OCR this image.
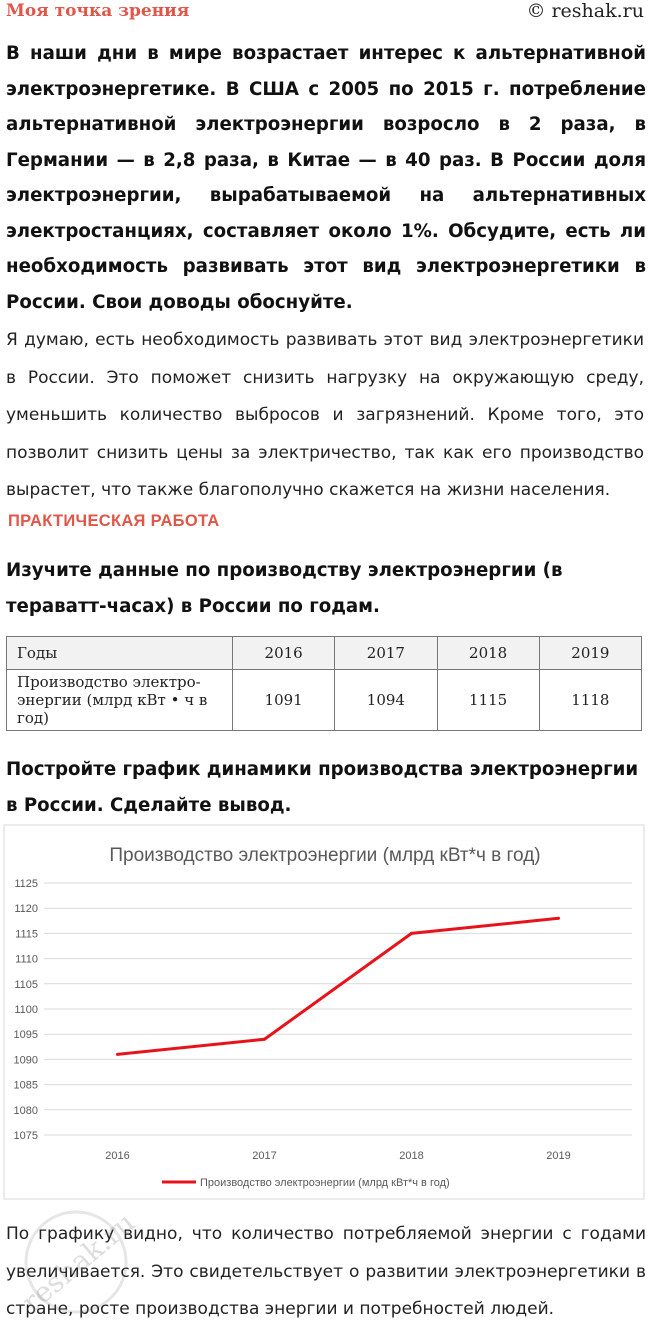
Моя точка зрения	© reshak.ru
В наши дни в мире возрастает интерес к альтернативной электроэнергетике. В США с 2005 по 2015 г. потребление альтернативной электроэнергии возросло в 2 раза, в Германии — в 2,8 раза, в Китае — в 40 раз. В России доля электроэнергии, вырабатываемой на альтернативных электростанциях, составляет около 1%. Обсудите, есть ли необходимость развивать этот вид электроэнергетики в России. Свои доводы обоснуйте.
Я думаю, есть необходимость развивать этот вид электроэнергетики в России. Это поможет снизить нагрузку на окружающую среду, уменьшить количество выбросов и загрязнений. Кроме того, это позволит снизить цены за электричество, так как его производство вырастет, что также благополучно скажется на жизни населения.
ПРАКТИЧЕСКАЯ РАБОТА
Изучите данные по производству электроэнергии (в тераватт-часах) в России по годам.
Годы	2016	2017	2018	2019
Производство электро-энергии (млрд кВт • ч в год)	1091	1094	1115	1118
Постройте график динамики производства электроэнергии в России. Сделайте вывод.
Производство электроэнергии (млрд кВт*ч в год)
1075
1080
1085
1090
1095
1100
1105
1110
1115
1120
1125
2016	2017	2018	2019
Производство электроэнергии (млрд кВт*ч в год)
По графику видно, что количество потребляемой энергии с годами увеличивается. Это свидетельствует о развитии электроэнергетики в стране, росте производства энергии и потребностей людей.
reshak.ru
